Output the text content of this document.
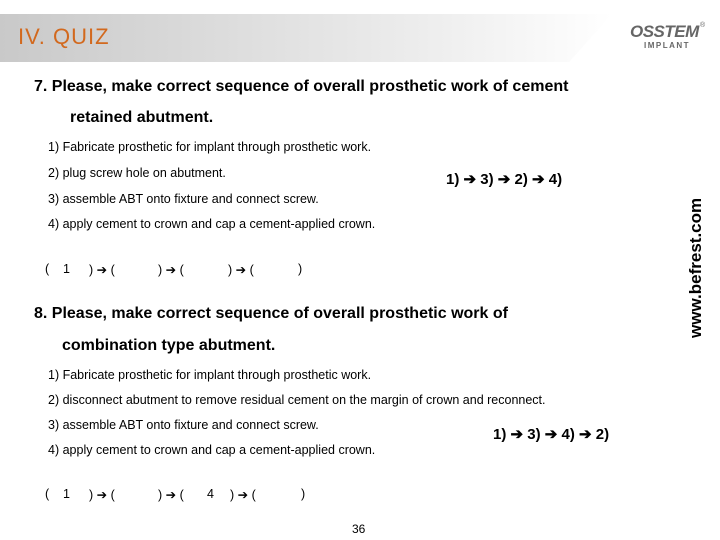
IV. QUIZ	OSSTEM ®
IMPLANT
7. Please, make correct sequence of overall prosthetic work of cement
retained abutment.
1) Fabricate prosthetic for implant through prosthetic work.
2) plug screw hole on abutment.
3) assemble ABT onto fixture and connect screw.
4) apply cement to crown and cap a cement-applied crown.
1) ➔ 3) ➔ 2) ➔ 4)
( 1 ) ➔ (	) ➔ (	) ➔ (	)
8. Please, make correct sequence of overall prosthetic work of
combination type abutment.
1) Fabricate prosthetic for implant through prosthetic work.
2) disconnect abutment to remove residual cement on the margin of crown and reconnect.
3) assemble ABT onto fixture and connect screw.
4) apply cement to crown and cap a cement-applied crown.
1) ➔ 3) ➔ 4) ➔ 2)
( 1 ) ➔ (	) ➔ ( 4 ) ➔ (	)
www.befrest.com
36
